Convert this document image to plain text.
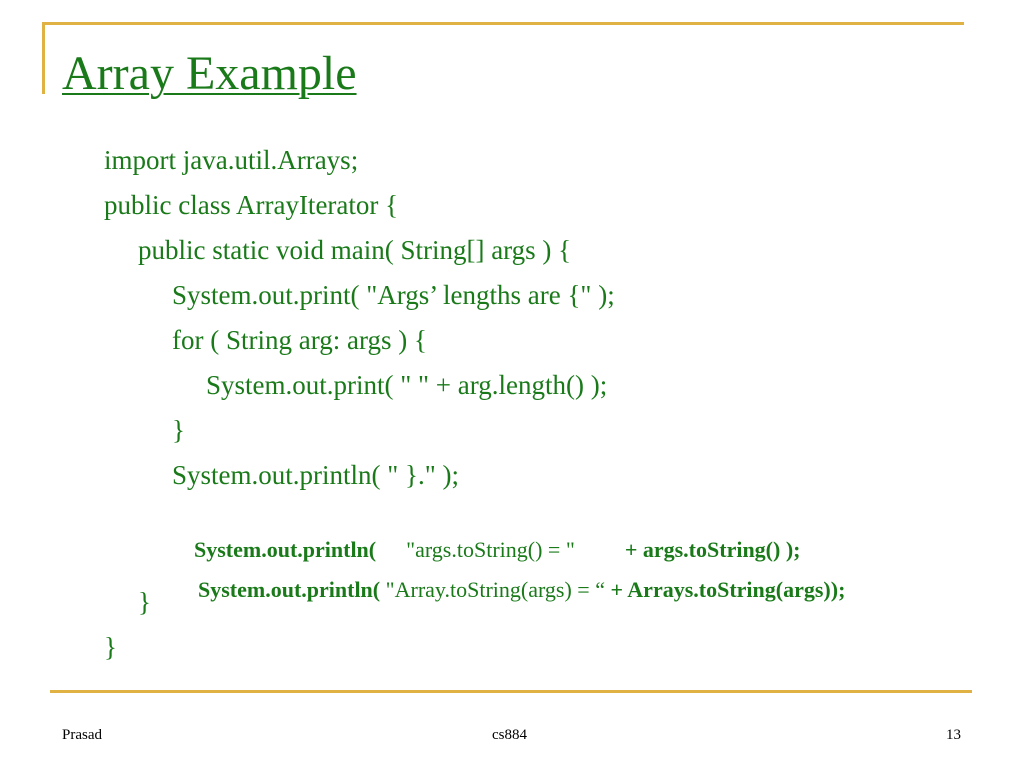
Array Example
import java.util.Arrays;
public class ArrayIterator {
public static void main( String[] args ) {
System.out.print( "Args’ lengths are {" );
for ( String arg: args ) {
System.out.print( " " + arg.length() );
}
System.out.println( " }." );

System.out.println( "args.toString() = " + args.toString() );

System.out.println( "Array.toString(args) = “ + Arrays.toString(args));

}
}
Prasad	cs884	13
